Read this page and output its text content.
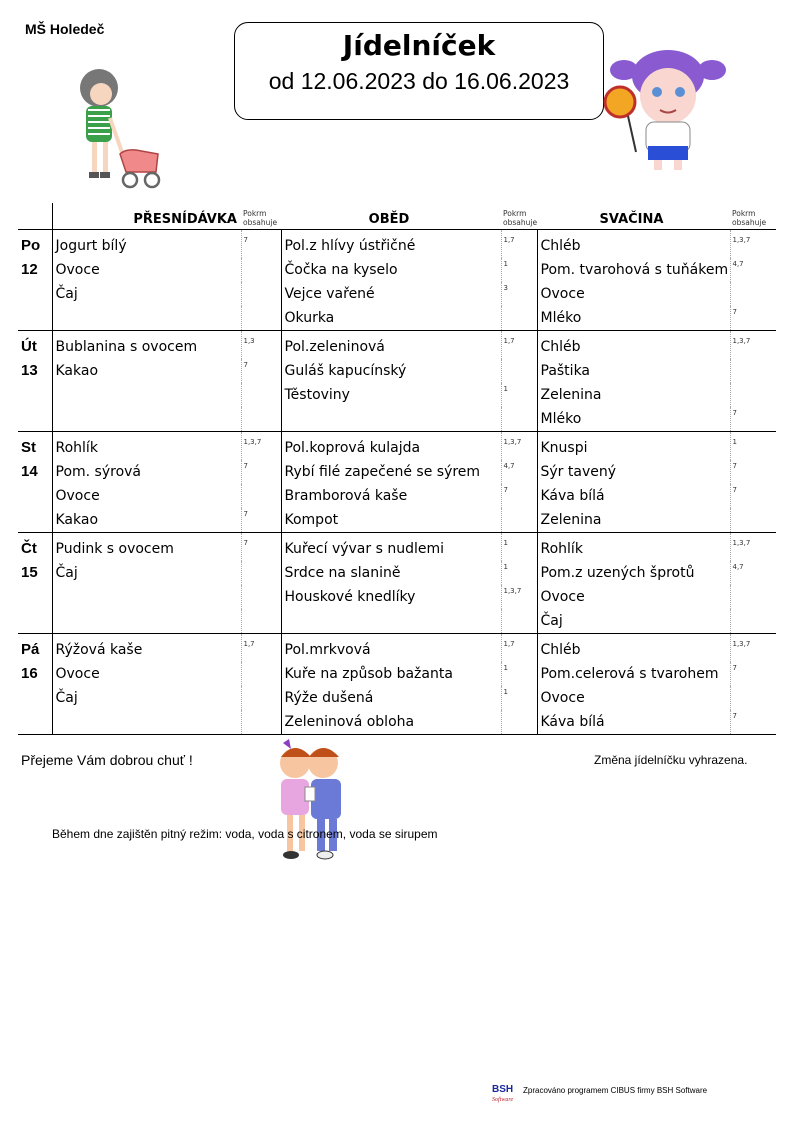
MŠ Holedeč	Jídelníček
od 12.06.2023 do 16.06.2023
	PŘESNÍDÁVKA	Pokrm obsahuje	OBĚD	Pokrm obsahuje	SVAČINA	Pokrm obsahuje
Po	Jogurt bílý	7	Pol.z hlívy ústřičné	1,7	Chléb	1,3,7
12	Ovoce		Čočka na kyselo	1	Pom. tvarohová s tuňákem	4,7
	Čaj		Vejce vařené	3	Ovoce	
			Okurka		Mléko	7
Út	Bublanina s ovocem	1,3	Pol.zeleninová	1,7	Chléb	1,3,7
13	Kakao	7	Guláš kapucínský		Paštika	
			Těstoviny	1	Zelenina	
					Mléko	7
St	Rohlík	1,3,7	Pol.koprová kulajda	1,3,7	Knuspi	1
14	Pom. sýrová	7	Rybí filé zapečené se sýrem	4,7	Sýr tavený	7
	Ovoce		Bramborová kaše	7	Káva bílá	7
	Kakao	7	Kompot		Zelenina	
Čt	Pudink s ovocem	7	Kuřecí vývar s nudlemi	1	Rohlík	1,3,7
15	Čaj		Srdce na slanině	1	Pom.z uzených šprotů	4,7
			Houskové knedlíky	1,3,7	Ovoce	
					Čaj	
Pá	Rýžová kaše	1,7	Pol.mrkvová	1,7	Chléb	1,3,7
16	Ovoce		Kuře na způsob bažanta	1	Pom.celerová s tvarohem	7
	Čaj		Rýže dušená	1	Ovoce	
			Zeleninová obloha		Káva bílá	7
Přejeme Vám dobrou chuť !	Změna jídelníčku vyhrazena.
Během dne zajištěn pitný režim: voda, voda s citronem, voda se sirupem
BSH
Software
Zpracováno programem CIBUS firmy BSH Software
